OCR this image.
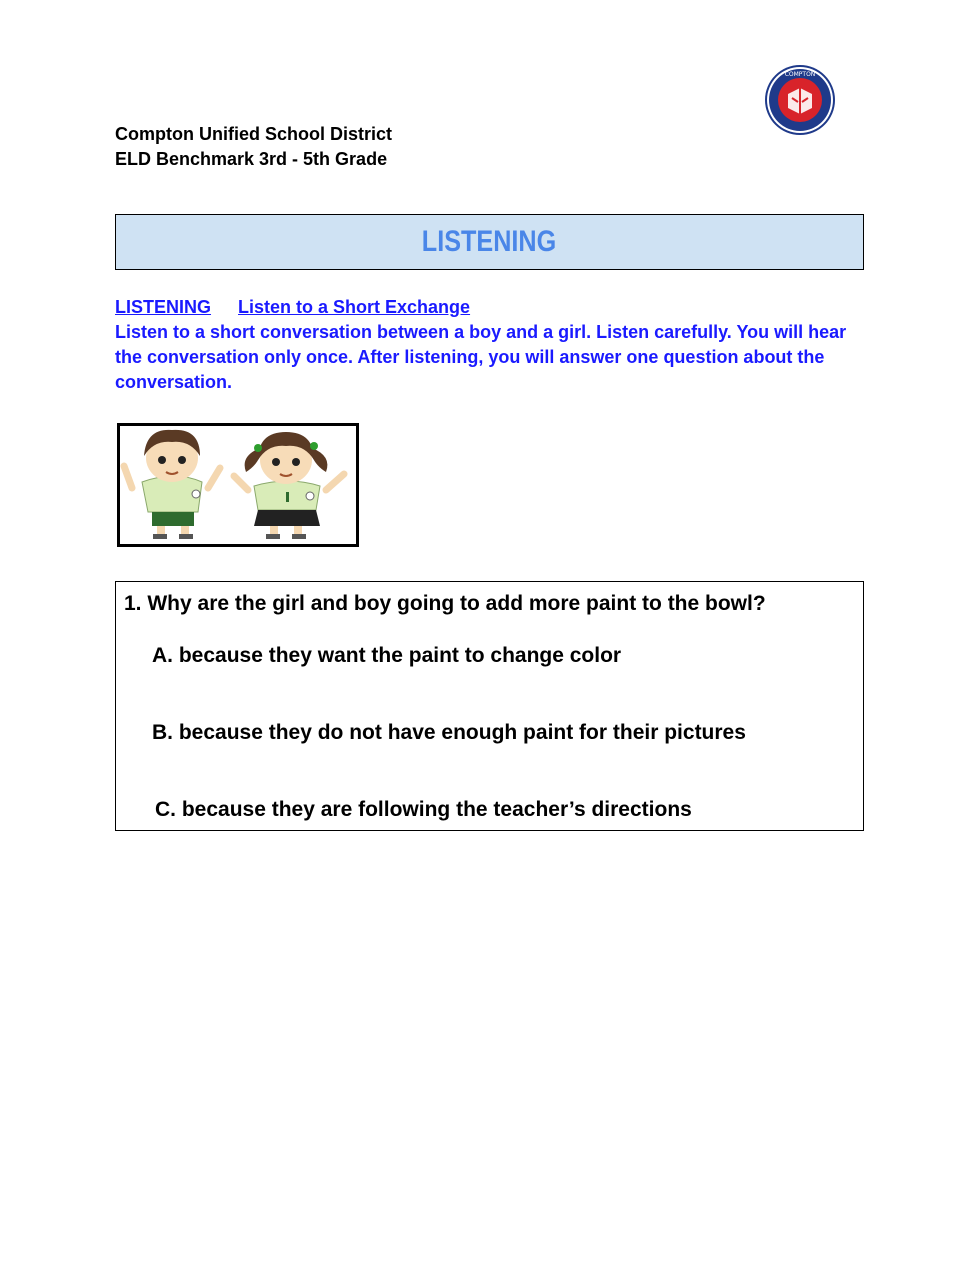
COMPTON
Compton Unified School District
ELD Benchmark 3rd - 5th Grade
LISTENING
LISTENING Listen to a Short Exchange
Listen to a short conversation between a boy and a girl. Listen carefully. You will hear the conversation only once. After listening, you will answer one question about the conversation.
1. Why are the girl and boy going to add more paint to the bowl?
A. because they want the paint to change color
B. because they do not have enough paint for their pictures
C. because they are following the teacher’s directions
